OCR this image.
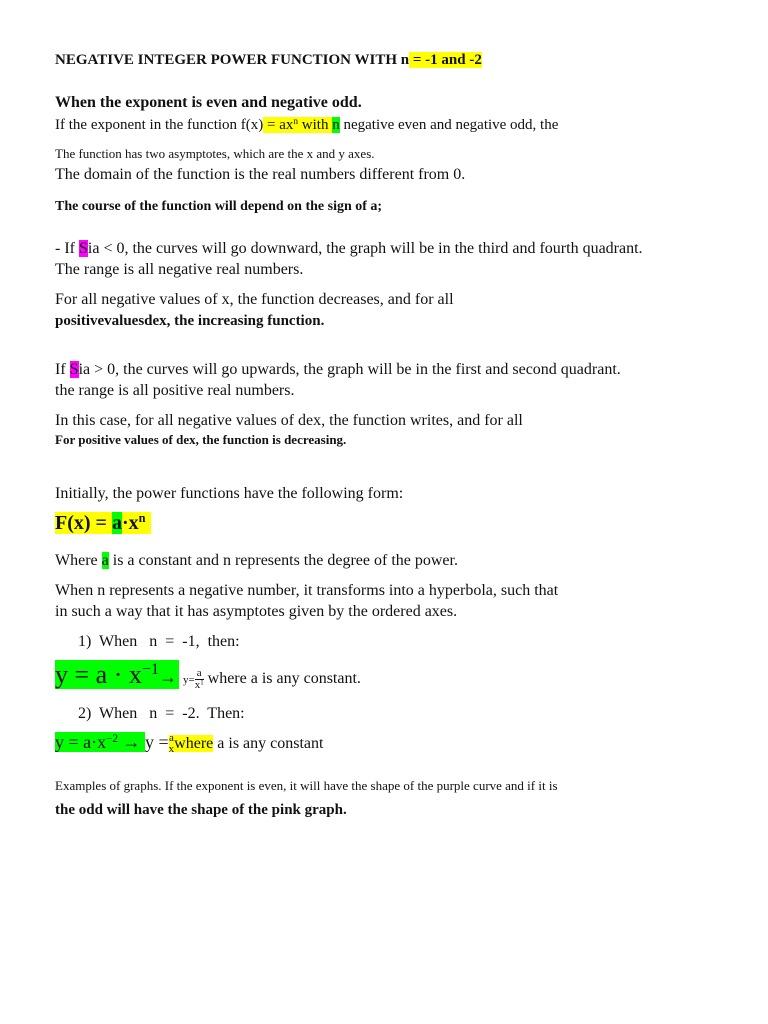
NEGATIVE INTEGER POWER FUNCTION WITH n = -1 and -2
When the exponent is even and negative odd.
If the exponent in the function $f(x) = ax^n$ with n negative even and negative odd, the
The function has two asymptotes, which are the x and y axes.
The domain of the function is the real numbers different from 0.
The course of the function will depend on the sign of a;
- If Sia < 0, the curves will go downward, the graph will be in the third and fourth quadrant.
The range is all negative real numbers.
For all negative values of x, the function decreases, and for all
positivevaluesdex, the increasing function.
If Sia > 0, the curves will go upwards, the graph will be in the first and second quadrant.
the range is all positive real numbers.
In this case, for all negative values of dex, the function writes, and for all
For positive values of dex, the function is decreasing.
Initially, the power functions have the following form:
$F(x) = a\cdot x^n$
Where a is a constant and n represents the degree of the power.
When n represents a negative number, it transforms into a hyperbola, such that
in such a way that it has asymptotes given by the ordered axes.
1)  When   n  =  -1,  then:
$y = a \cdot x^{-1}\to y= \frac{a}{x^1}$ where a is any constant.
2)  When   n  =  -2.  Then:
$y = a\cdot x^{-2} \to y = a$
x where a is any constant
Examples of graphs. If the exponent is even, it will have the shape of the purple curve and if it is
the odd will have the shape of the pink graph.
